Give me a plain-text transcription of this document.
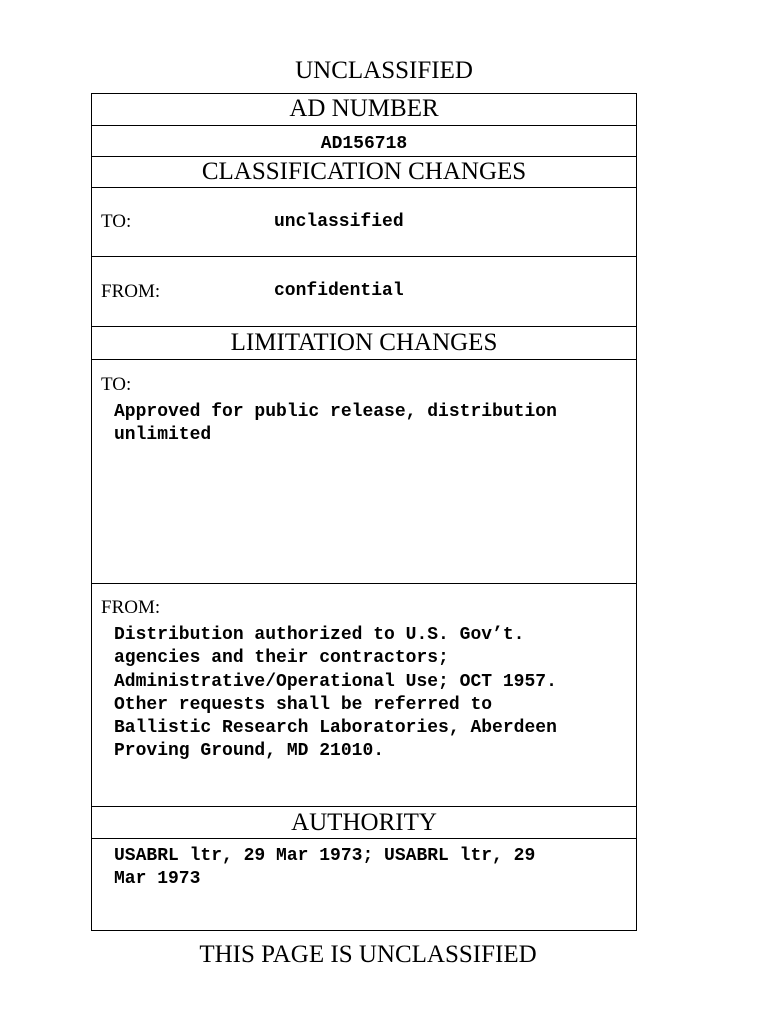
UNCLASSIFIED
AD NUMBER
AD156718
CLASSIFICATION CHANGES
TO:	unclassified
FROM:	confidential
LIMITATION CHANGES
TO:
Approved for public release, distribution
unlimited
FROM:
Distribution authorized to U.S. Gov’t.
agencies and their contractors;
Administrative/Operational Use; OCT 1957.
Other requests shall be referred to
Ballistic Research Laboratories, Aberdeen
Proving Ground, MD 21010.
AUTHORITY
USABRL ltr, 29 Mar 1973; USABRL ltr, 29
Mar 1973
THIS PAGE IS UNCLASSIFIED
